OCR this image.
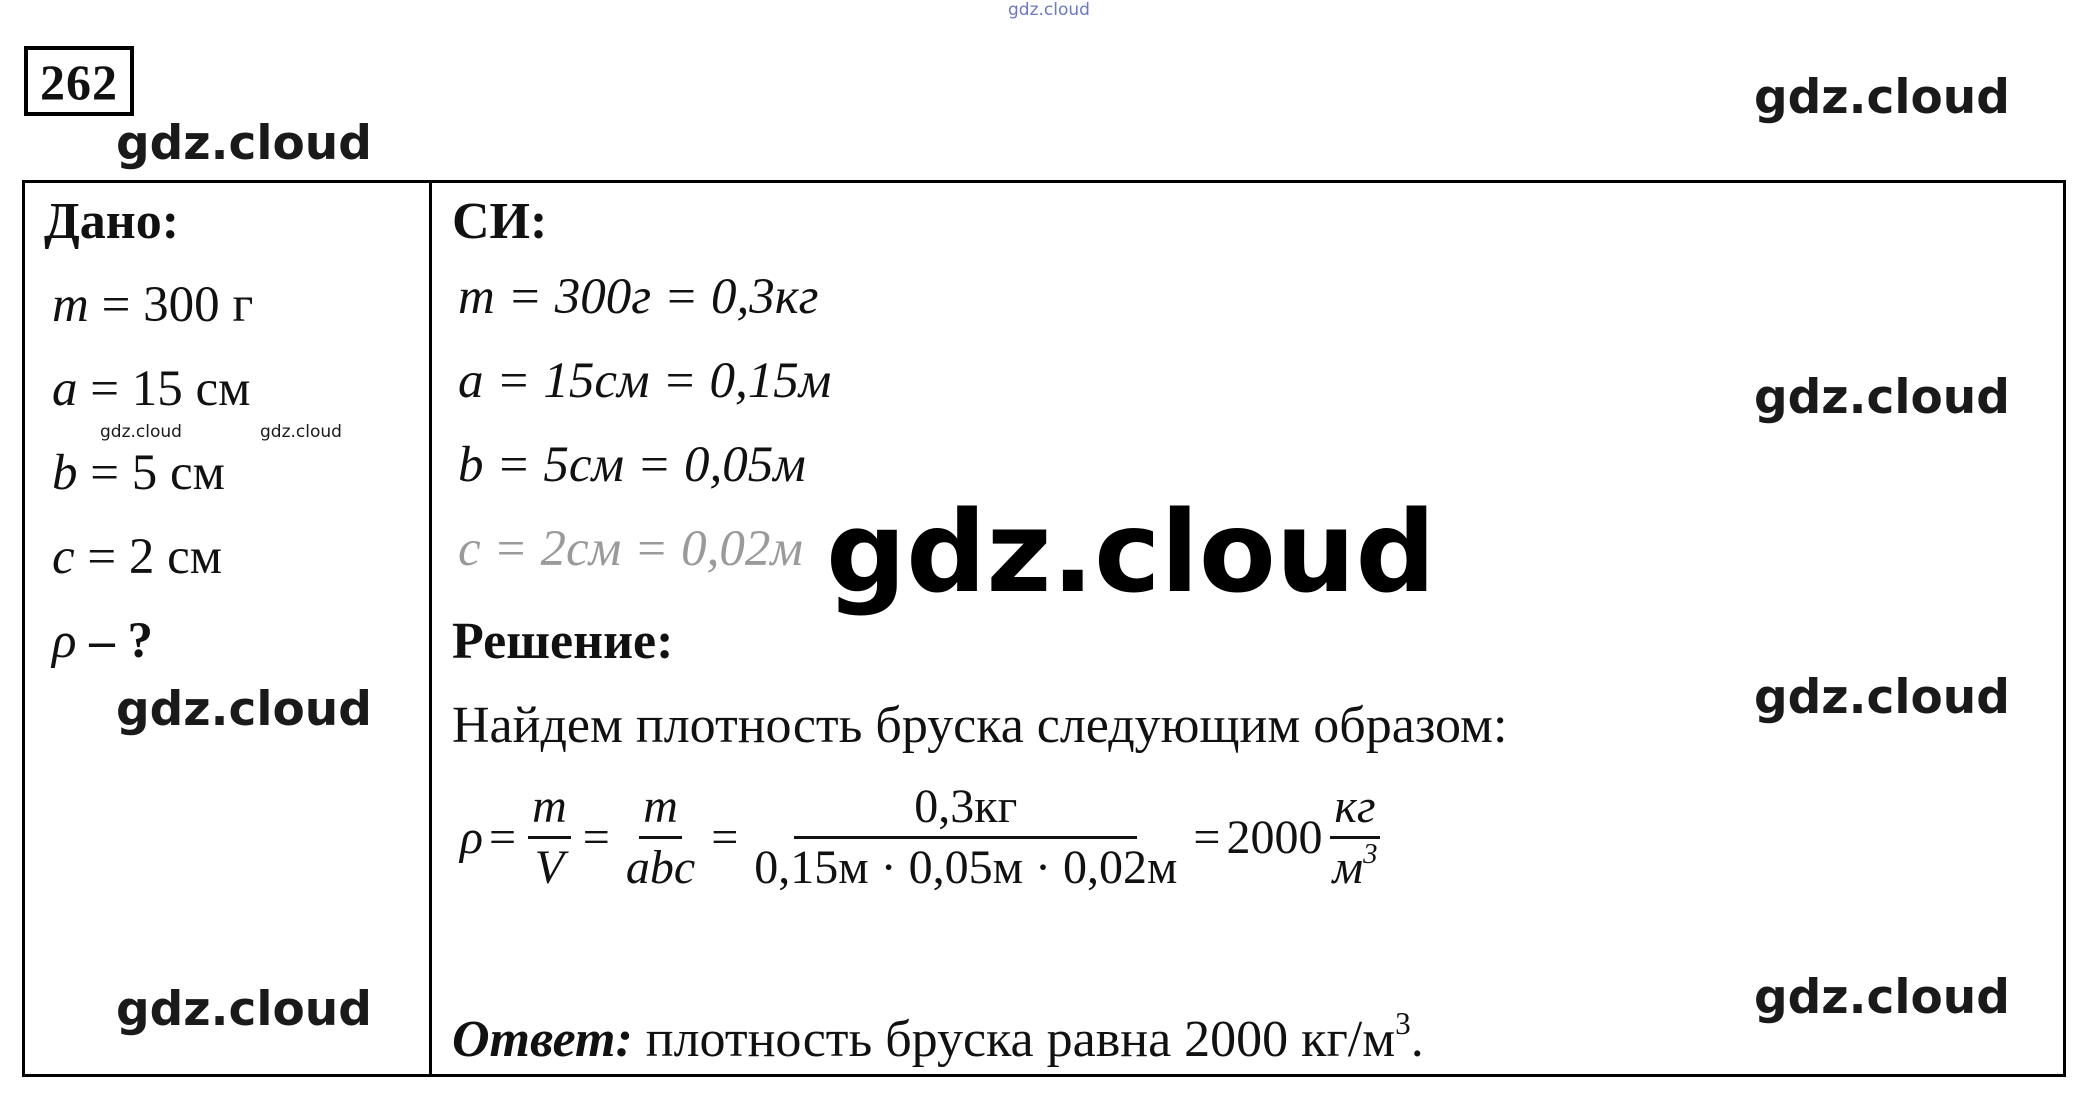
gdz.cloud
262
gdz.cloud
gdz.cloud
gdz.cloud
gdz.cloud
gdz.cloud
gdz.cloud
gdz.cloud
gdz.cloud	gdz.cloud
Дано:
m = 300 г
a = 15 см
b = 5 см
c = 2 см
ρ – ?
СИ:
m = 300г = 0,3кг
a = 15см = 0,15м
b = 5см = 0,05м
c = 2см = 0,02м gdz.cloud
Решение:
Найдем плотность бруска следующим образом:
$\rho = \frac{m}{V} = \frac{m}{\text{abc}} = \frac{0,3кг}{0,15м \cdot 0,05м \cdot 0,02м} = 2000 \frac{кг}{м^3}$
Ответ: плотность бруска равна 2000 $кг/м^3$.
